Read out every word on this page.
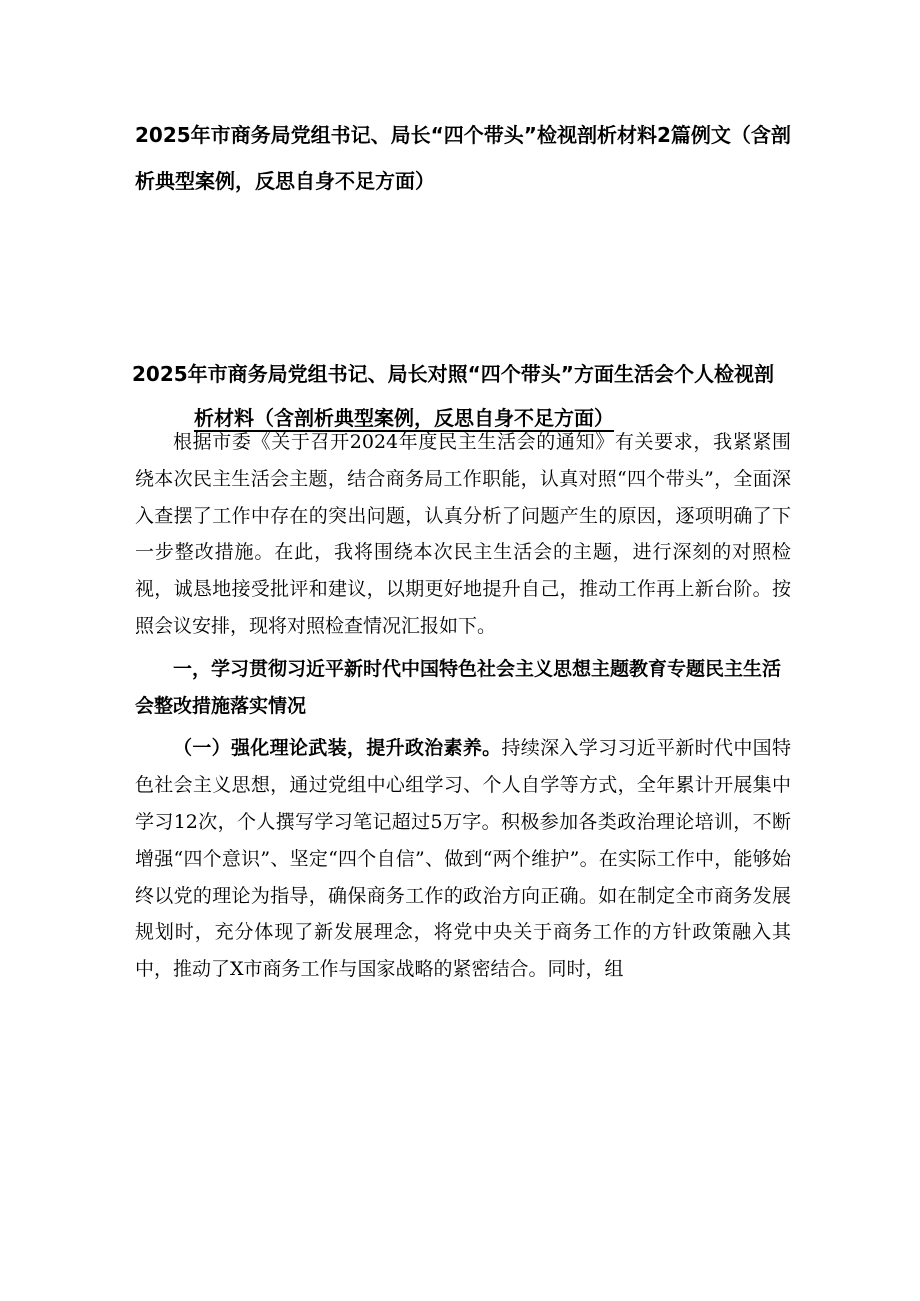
2025年市商务局党组书记、局长“四个带头”检视剖析材料2篇例文（含剖析典型案例，反思自身不足方面）
2025年市商务局党组书记、局长对照“四个带头”方面生活会个人检视剖
析材料（含剖析典型案例，反思自身不足方面）

根据市委《关于召开2024年度民主生活会的通知》有关要求，我紧紧围绕本次民主生活会主题，结合商务局工作职能，认真对照“四个带头”，全面深入查摆了工作中存在的突出问题，认真分析了问题产生的原因，逐项明确了下一步整改措施。在此，我将围绕本次民主生活会的主题，进行深刻的对照检视，诚恳地接受批评和建议，以期更好地提升自己，推动工作再上新台阶。按照会议安排，现将对照检查情况汇报如下。

一，学习贯彻习近平新时代中国特色社会主义思想主题教育专题民主生活会整改措施落实情况

（一）强化理论武装，提升政治素养。持续深入学习习近平新时代中国特色社会主义思想，通过党组中心组学习、个人自学等方式，全年累计开展集中学习12次，个人撰写学习笔记超过5万字。积极参加各类政治理论培训，不断增强“四个意识”、坚定“四个自信”、做到“两个维护”。在实际工作中，能够始终以党的理论为指导，确保商务工作的政治方向正确。如在制定全市商务发展规划时，充分体现了新发展理念，将党中央关于商务工作的方针政策融入其中，推动了X市商务工作与国家战略的紧密结合。同时，组
